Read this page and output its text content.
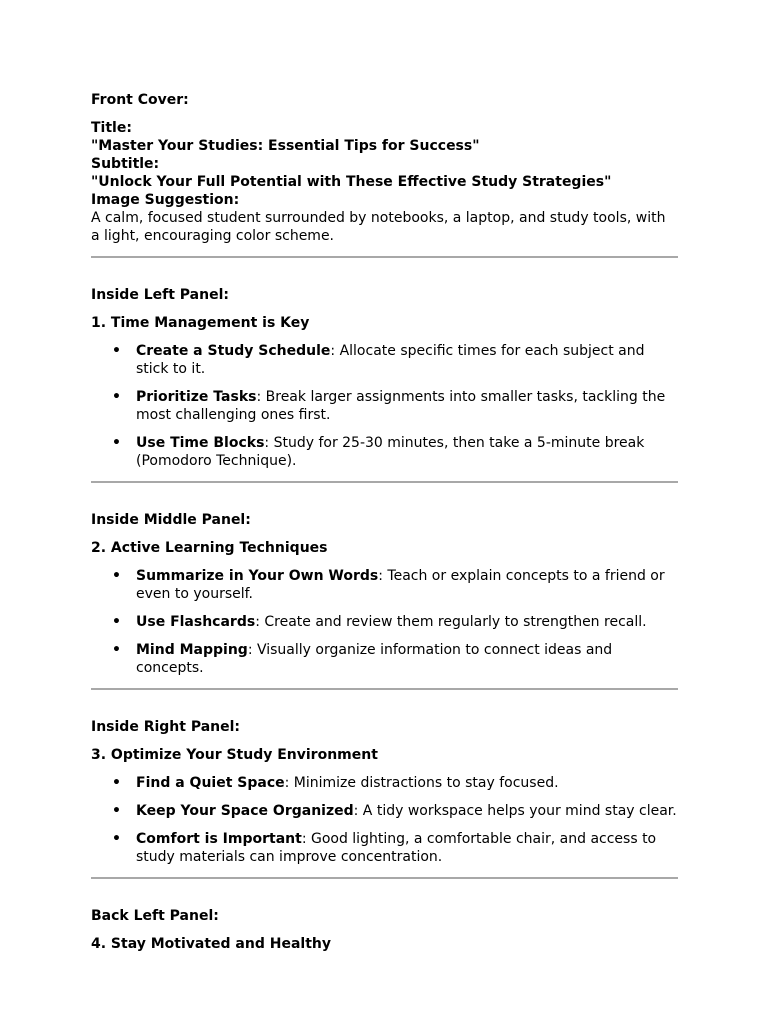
Front Cover:

Title:

"Master Your Studies: Essential Tips for Success"

Subtitle:

"Unlock Your Full Potential with These Effective Study Strategies"

Image Suggestion:

A calm, focused student surrounded by notebooks, a laptop, and study tools, with a light, encouraging color scheme.

Inside Left Panel:

1. Time Management is Key

• Create a Study Schedule: Allocate specific times for each subject and stick to it.
• Prioritize Tasks: Break larger assignments into smaller tasks, tackling the most challenging ones first.
• Use Time Blocks: Study for 25-30 minutes, then take a 5-minute break (Pomodoro Technique).

Inside Middle Panel:

2. Active Learning Techniques

• Summarize in Your Own Words: Teach or explain concepts to a friend or even to yourself.
• Use Flashcards: Create and review them regularly to strengthen recall.
• Mind Mapping: Visually organize information to connect ideas and concepts.

Inside Right Panel:

3. Optimize Your Study Environment

• Find a Quiet Space: Minimize distractions to stay focused.
• Keep Your Space Organized: A tidy workspace helps your mind stay clear.
• Comfort is Important: Good lighting, a comfortable chair, and access to study materials can improve concentration.

Back Left Panel:

4. Stay Motivated and Healthy
